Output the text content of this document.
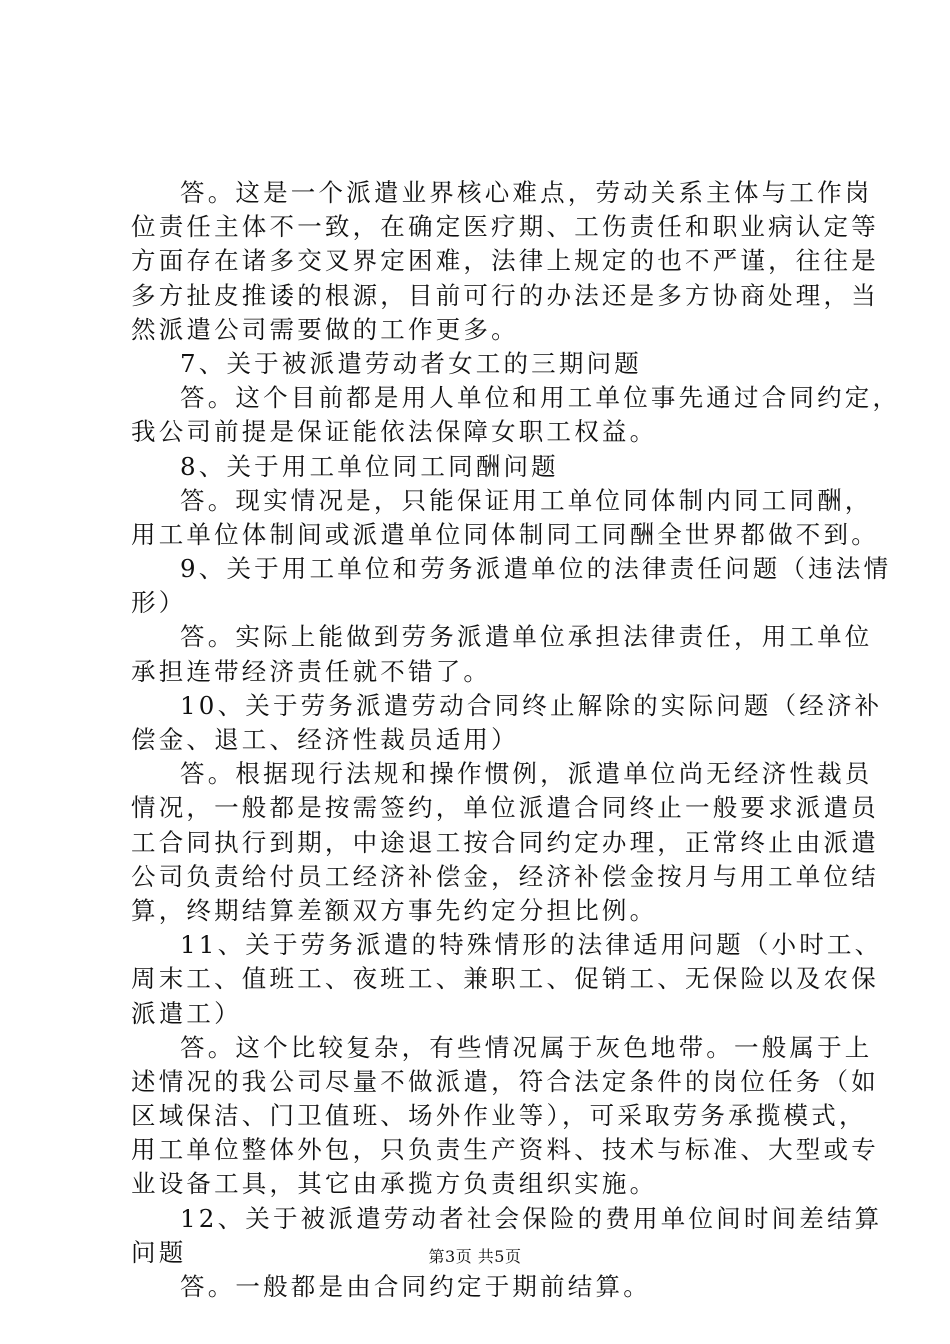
答。这是一个派遣业界核心难点，劳动关系主体与工作岗
位责任主体不一致，在确定医疗期、工伤责任和职业病认定等
方面存在诸多交叉界定困难，法律上规定的也不严谨，往往是
多方扯皮推诿的根源，目前可行的办法还是多方协商处理，当
然派遣公司需要做的工作更多。
7、关于被派遣劳动者女工的三期问题
答。这个目前都是用人单位和用工单位事先通过合同约定，
我公司前提是保证能依法保障女职工权益。
8、关于用工单位同工同酬问题
答。现实情况是，只能保证用工单位同体制内同工同酬，
用工单位体制间或派遣单位同体制同工同酬全世界都做不到。
9、关于用工单位和劳务派遣单位的法律责任问题（违法情
形）
答。实际上能做到劳务派遣单位承担法律责任，用工单位
承担连带经济责任就不错了。
10、关于劳务派遣劳动合同终止解除的实际问题（经济补
偿金、退工、经济性裁员适用）
答。根据现行法规和操作惯例，派遣单位尚无经济性裁员
情况，一般都是按需签约，单位派遣合同终止一般要求派遣员
工合同执行到期，中途退工按合同约定办理，正常终止由派遣
公司负责给付员工经济补偿金，经济补偿金按月与用工单位结
算，终期结算差额双方事先约定分担比例。
11、关于劳务派遣的特殊情形的法律适用问题（小时工、
周末工、值班工、夜班工、兼职工、促销工、无保险以及农保
派遣工）
答。这个比较复杂，有些情况属于灰色地带。一般属于上
述情况的我公司尽量不做派遣，符合法定条件的岗位任务（如
区域保洁、门卫值班、场外作业等），可采取劳务承揽模式，
用工单位整体外包，只负责生产资料、技术与标准、大型或专
业设备工具，其它由承揽方负责组织实施。
12、关于被派遣劳动者社会保险的费用单位间时间差结算
问题
答。一般都是由合同约定于期前结算。
第3页 共5页
